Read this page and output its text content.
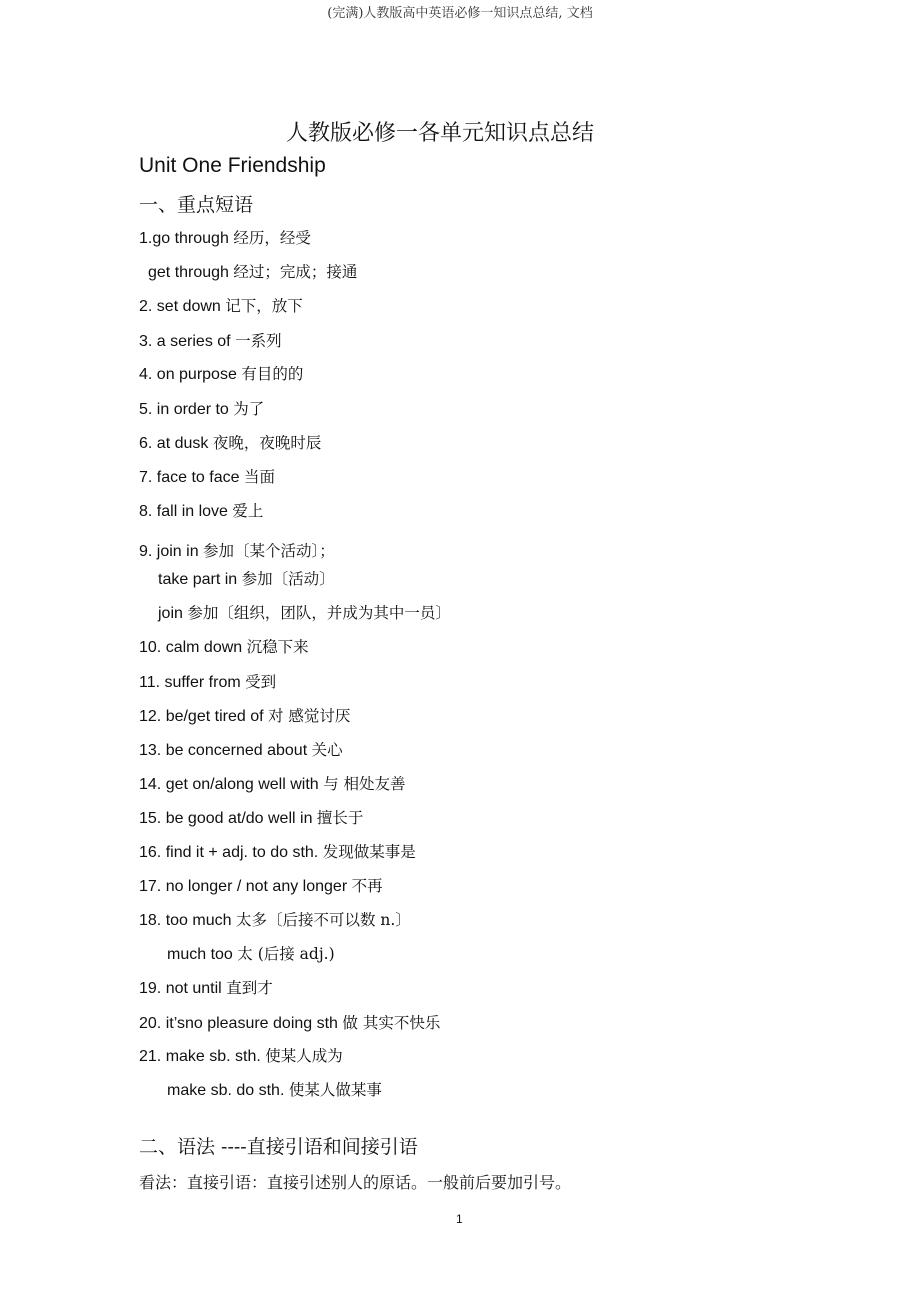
(完满)人教版高中英语必修一知识点总结, 文档
人教版必修一各单元知识点总结
Unit One Friendship
一、重点短语
1.go through 经历，经受
get through 经过；完成；接通
2. set down 记下，放下
3. a series of 一系列
4. on purpose 有目的的
5. in order to 为了
6. at dusk 夜晚，夜晚时辰
7. face to face 当面
8. fall in love 爱上
9. join in 参加〔某个活动〕；
take part in 参加〔活动〕
join 参加〔组织，团队，并成为其中一员〕
10. calm down 沉稳下来
11. suffer from 受到
12. be/get tired of 对 感觉讨厌
13. be concerned about 关心
14. get on/along well with 与 相处友善
15. be good at/do well in 擅长于
16. find it + adj. to do sth. 发现做某事是
17. no longer / not any longer 不再
18. too much 太多〔后接不可以数 n.〕
much too 太 (后接 adj.)
19. not until 直到才
20. it’sno pleasure doing sth 做 其实不快乐
21. make sb. sth. 使某人成为
make sb. do sth. 使某人做某事
二、语法 ----直接引语和间接引语
看法：直接引语：直接引述别人的原话。一般前后要加引号。
1
